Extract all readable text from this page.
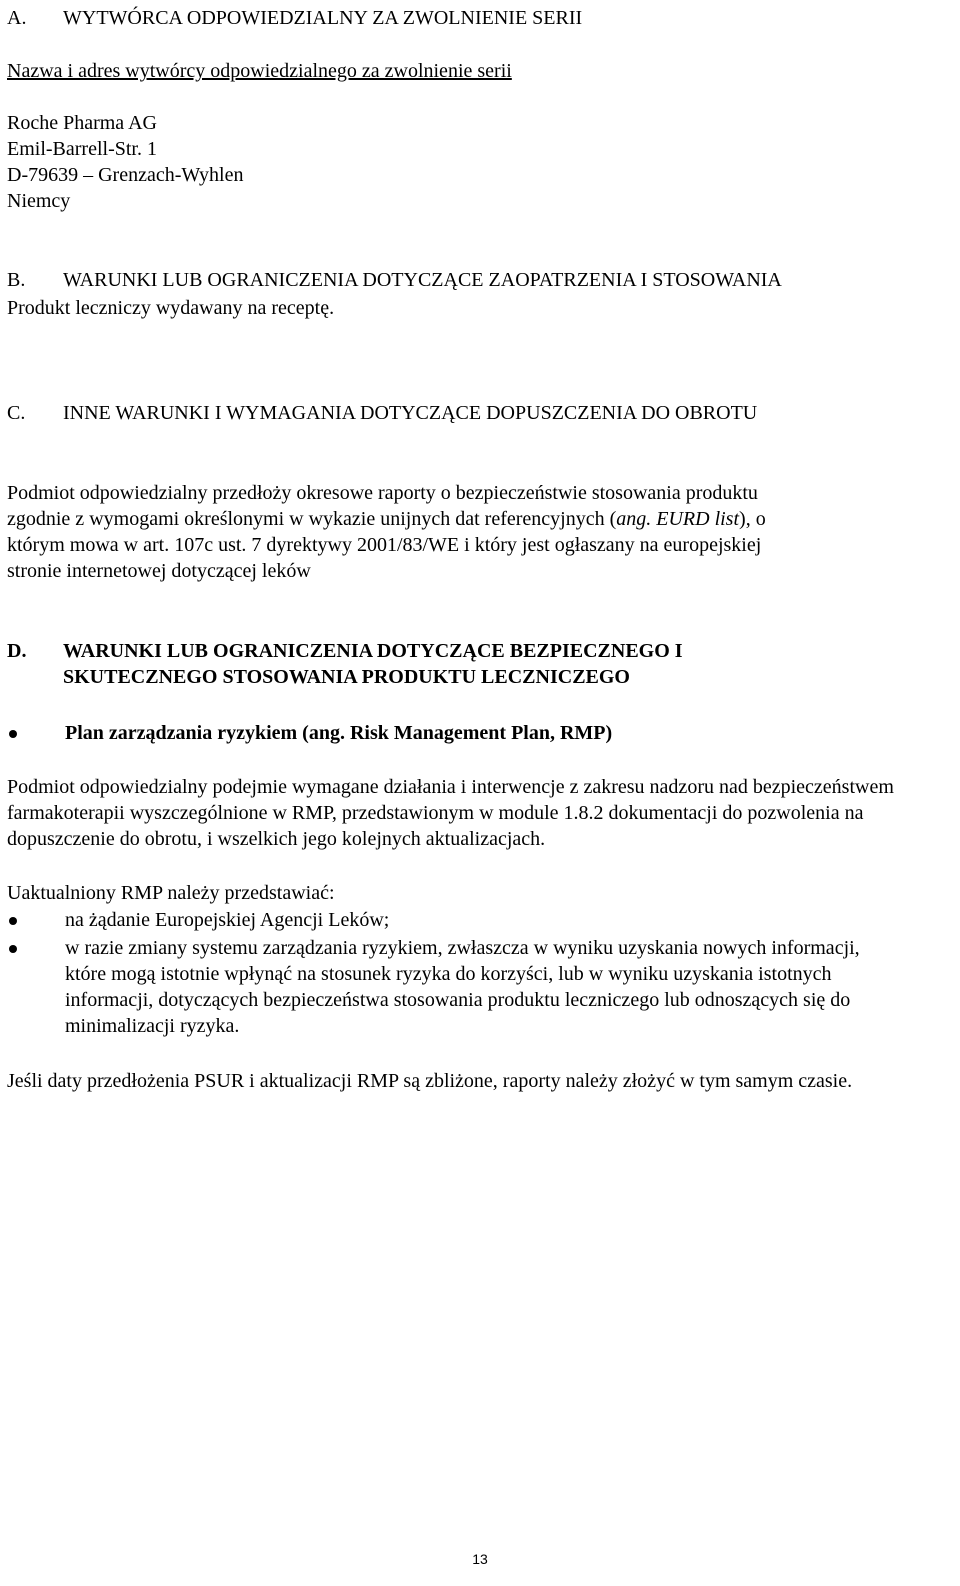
A. WYTWÓRCA ODPOWIEDZIALNY ZA ZWOLNIENIE SERII
Nazwa i adres wytwórcy odpowiedzialnego za zwolnienie serii
Roche Pharma AG
Emil-Barrell-Str. 1
D-79639 – Grenzach-Wyhlen
Niemcy
B. WARUNKI LUB OGRANICZENIA DOTYCZĄCE ZAOPATRZENIA I STOSOWANIA
Produkt leczniczy wydawany na receptę.
C. INNE WARUNKI I WYMAGANIA DOTYCZĄCE DOPUSZCZENIA DO OBROTU
Podmiot odpowiedzialny przedłoży okresowe raporty o bezpieczeństwie stosowania produktu zgodnie z wymogami określonymi w wykazie unijnych dat referencyjnych (ang. EURD list), o którym mowa w art. 107c ust. 7 dyrektywy 2001/83/WE i który jest ogłaszany na europejskiej stronie internetowej dotyczącej leków
D. WARUNKI LUB OGRANICZENIA DOTYCZĄCE BEZPIECZNEGO I SKUTECZNEGO STOSOWANIA PRODUKTU LECZNICZEGO
Plan zarządzania ryzykiem (ang. Risk Management Plan, RMP)
Podmiot odpowiedzialny podejmie wymagane działania i interwencje z zakresu nadzoru nad bezpieczeństwem farmakoterapii wyszczególnione w RMP, przedstawionym w module 1.8.2 dokumentacji do pozwolenia na dopuszczenie do obrotu, i wszelkich jego kolejnych aktualizacjach.
Uaktualniony RMP należy przedstawiać:
na żądanie Europejskiej Agencji Leków;
w razie zmiany systemu zarządzania ryzykiem, zwłaszcza w wyniku uzyskania nowych informacji, które mogą istotnie wpłynąć na stosunek ryzyka do korzyści, lub w wyniku uzyskania istotnych informacji, dotyczących bezpieczeństwa stosowania produktu leczniczego lub odnoszących się do minimalizacji ryzyka.
Jeśli daty przedłożenia PSUR i aktualizacji RMP są zbliżone, raporty należy złożyć w tym samym czasie.
13
